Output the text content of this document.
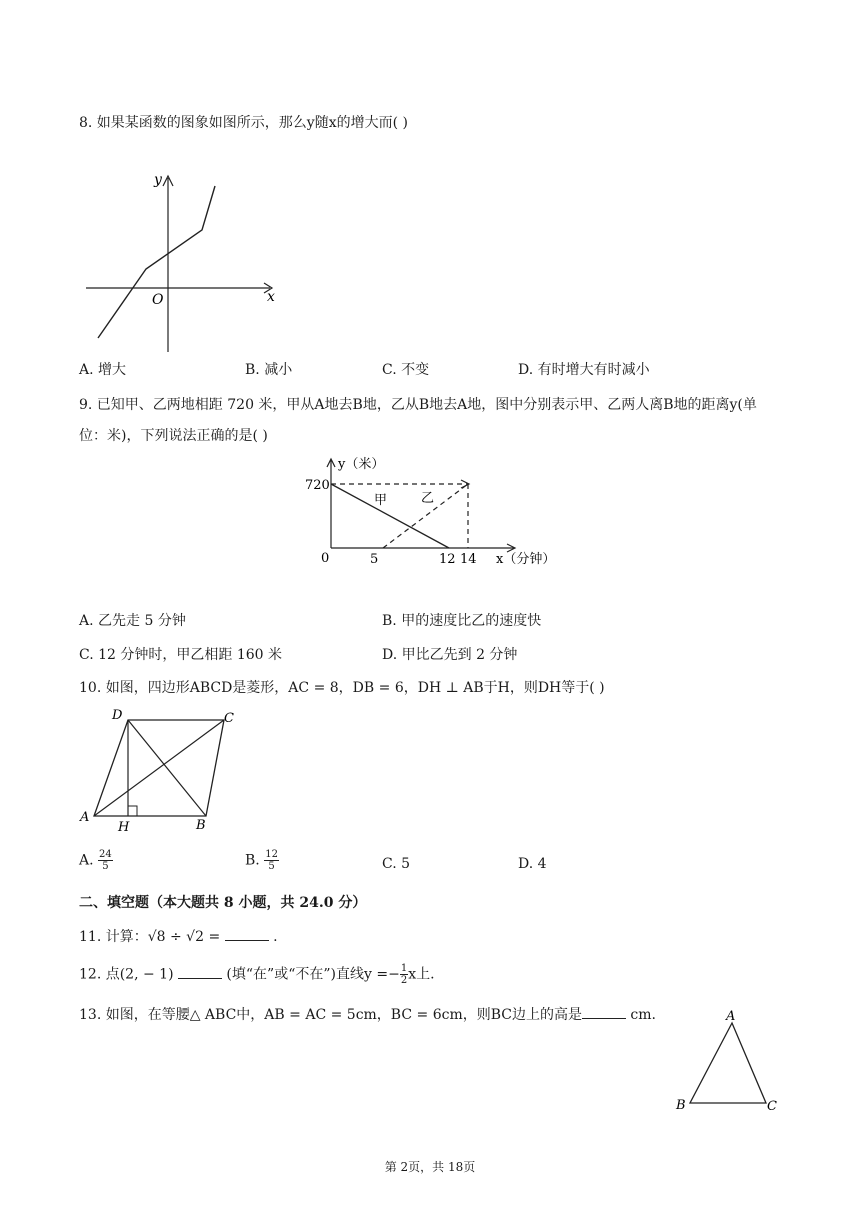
8. 如果某函数的图象如图所示，那么y随x的增大而( )
y
x
O
A. 增大	B. 减小	C. 不变	D. 有时增大有时减小
9. 已知甲、乙两地相距 720 米，甲从A地去B地，乙从B地去A地，图中分别表示甲、乙两人离B地的距离y(单
位：米)，下列说法正确的是( )
y（米）
720
0	5	12 14 x（分钟）
甲	乙
A. 乙先走 5 分钟	B. 甲的速度比乙的速度快
C. 12 分钟时，甲乙相距 160 米	D. 甲比乙先到 2 分钟
10. 如图，四边形ABCD是菱形，AC = 8，DB = 6，DH ⊥ AB于H，则DH等于( )
A
B
C
D
H
A. $\frac{24}{5}$	B. $\frac{12}{5}$	C. 5	D. 4
二、填空题（本大题共 8 小题，共 24.0 分）
11. 计算：√8 ÷ √2 =	.
12. 点(2, − 1)	(填“在”或“不在”)直线$y =- \frac{1}{2}$ x上.
13. 如图，在等腰△ ABC中，AB = AC = 5cm，BC = 6cm，则BC边上的高是	cm.	A
B	C
第 2页，共 18页
